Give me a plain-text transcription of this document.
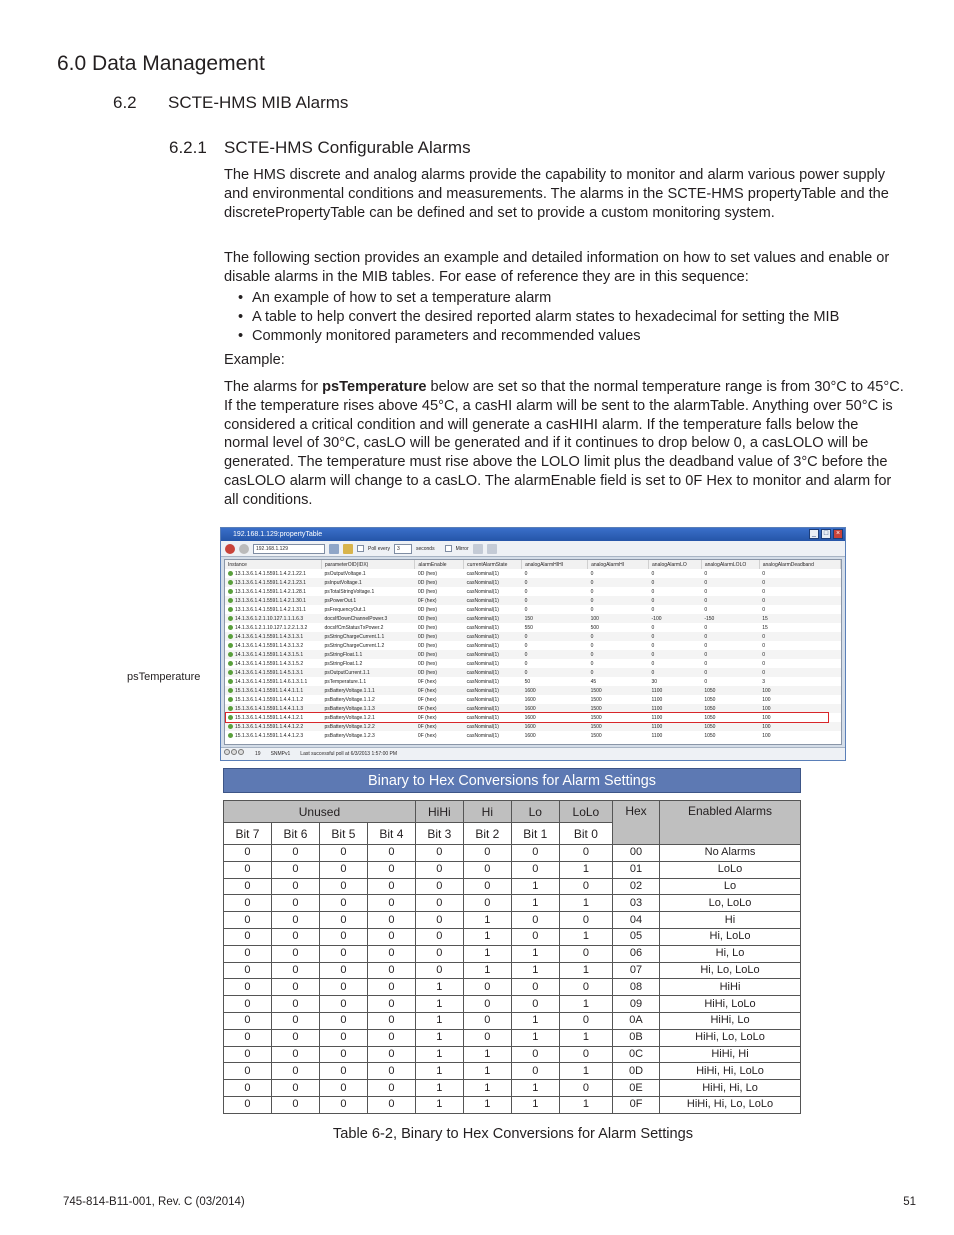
6.0 Data Management
6.2 SCTE-HMS MIB Alarms
6.2.1 SCTE-HMS Configurable Alarms

The HMS discrete and analog alarms provide the capability to monitor and alarm various power supply and environmental conditions and measurements. The alarms in the SCTE-HMS propertyTable and the discretePropertyTable can be defined and set to provide a custom monitoring system.

The following section provides an example and detailed information on how to set values and enable or disable alarms in the MIB tables. For ease of reference they are in this sequence:

• An example of how to set a temperature alarm
• A table to help convert the desired reported alarm states to hexadecimal for setting the MIB
• Commonly monitored parameters and recommended values

Example:

The alarms for psTemperature below are set so that the normal temperature range is from 30°C to 45°C. If the temperature rises above 45°C, a casHI alarm will be sent to the alarmTable. Anything over 50°C is considered a critical condition and will generate a casHIHI alarm. If the temperature falls below the normal level of 30°C, casLO will be generated and if it continues to drop below 0, a casLOLO will be generated. The temperature must rise above the LOLO limit plus the deadband value of 3°C before the casLOLO alarm will change to a casLO. The alarmEnable field is set to 0F Hex to monitor and alarm for all conditions.

192.168.1.129:propertyTable	_	□	×
192.168.1.129	Poll every	3	seconds	Mirror
Instance	parameterOID(IDX)	alarmEnable	currentAlarmState	analogAlarmHIHI	analogAlarmHI	analogAlarmLO	analogAlarmLOLO	analogAlarmDeadband
13.1.3.6.1.4.1.5591.1.4.2.1.22.1	psOutputVoltage.1	0D (hex)	casNominal(1)	0	0	0	0	0
13.1.3.6.1.4.1.5591.1.4.2.1.23.1	psInputVoltage.1	0D (hex)	casNominal(1)	0	0	0	0	0
13.1.3.6.1.4.1.5591.1.4.2.1.28.1	psTotalStringVoltage.1	0D (hex)	casNominal(1)	0	0	0	0	0
13.1.3.6.1.4.1.5591.1.4.2.1.30.1	psPowerOut.1	0F (hex)	casNominal(1)	0	0	0	0	0
13.1.3.6.1.4.1.5591.1.4.2.1.31.1	psFrequencyOut.1	0D (hex)	casNominal(1)	0	0	0	0	0
14.1.3.6.1.2.1.10.127.1.1.1.6.3	docsIfDownChannelPower.3	0D (hex)	casNominal(1)	150	100	-100	-150	15
14.1.3.6.1.2.1.10.127.1.2.2.1.3.2	docsIfCmStatusTxPower.2	0D (hex)	casNominal(1)	550	500	0	0	15
14.1.3.6.1.4.1.5591.1.4.3.1.3.1	psStringChargeCurrent.1.1	0D (hex)	casNominal(1)	0	0	0	0	0
14.1.3.6.1.4.1.5591.1.4.3.1.3.2	psStringChargeCurrent.1.2	0D (hex)	casNominal(1)	0	0	0	0	0
14.1.3.6.1.4.1.5591.1.4.3.1.5.1	psStringFloat.1.1	0D (hex)	casNominal(1)	0	0	0	0	0
14.1.3.6.1.4.1.5591.1.4.3.1.5.2	psStringFloat.1.2	0D (hex)	casNominal(1)	0	0	0	0	0
14.1.3.6.1.4.1.5591.1.4.5.1.3.1	psOutputCurrent.1.1	0D (hex)	casNominal(1)	0	0	0	0	0
14.1.3.6.1.4.1.5591.1.4.6.1.3.1.1	psTemperature.1.1	0F (hex)	casNominal(1)	50	45	30	0	3
15.1.3.6.1.4.1.5591.1.4.4.1.1.1	psBatteryVoltage.1.1.1	0F (hex)	casNominal(1)	1600	1500	1100	1050	100
15.1.3.6.1.4.1.5591.1.4.4.1.1.2	psBatteryVoltage.1.1.2	0F (hex)	casNominal(1)	1600	1500	1100	1050	100
15.1.3.6.1.4.1.5591.1.4.4.1.1.3	psBatteryVoltage.1.1.3	0F (hex)	casNominal(1)	1600	1500	1100	1050	100
15.1.3.6.1.4.1.5591.1.4.4.1.2.1	psBatteryVoltage.1.2.1	0F (hex)	casNominal(1)	1600	1500	1100	1050	100
15.1.3.6.1.4.1.5591.1.4.4.1.2.2	psBatteryVoltage.1.2.2	0F (hex)	casNominal(1)	1600	1500	1100	1050	100
15.1.3.6.1.4.1.5591.1.4.4.1.2.3	psBatteryVoltage.1.2.3	0F (hex)	casNominal(1)	1600	1500	1100	1050	100
19 SNMPv1 Last successful poll at 6/3/2013 1:57:00 PM
psTemperature
Binary to Hex Conversions for Alarm Settings
Unused				HiHi	Hi	Lo	LoLo	Hex	Enabled Alarms
Bit 7	Bit 6	Bit 5	Bit 4	Bit 3	Bit 2	Bit 1	Bit 0		
0	0	0	0	0	0	0	0	00	No Alarms
0	0	0	0	0	0	0	1	01	LoLo
0	0	0	0	0	0	1	0	02	Lo
0	0	0	0	0	0	1	1	03	Lo, LoLo
0	0	0	0	0	1	0	0	04	Hi
0	0	0	0	0	1	0	1	05	Hi, LoLo
0	0	0	0	0	1	1	0	06	Hi, Lo
0	0	0	0	0	1	1	1	07	Hi, Lo, LoLo
0	0	0	0	1	0	0	0	08	HiHi
0	0	0	0	1	0	0	1	09	HiHi, LoLo
0	0	0	0	1	0	1	0	0A	HiHi, Lo
0	0	0	0	1	0	1	1	0B	HiHi, Lo, LoLo
0	0	0	0	1	1	0	0	0C	HiHi, Hi
0	0	0	0	1	1	0	1	0D	HiHi, Hi, LoLo
0	0	0	0	1	1	1	0	0E	HiHi, Hi, Lo
0	0	0	0	1	1	1	1	0F	HiHi, Hi, Lo, LoLo
Table 6-2, Binary to Hex Conversions for Alarm Settings
745-814-B11-001, Rev. C (03/2014)	51
